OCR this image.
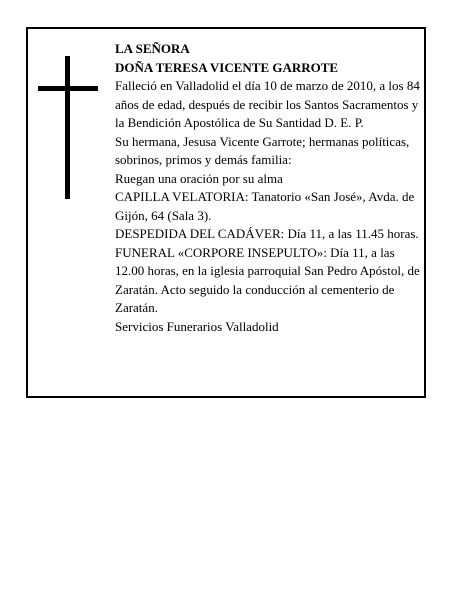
LA SEÑORA

DOÑA TERESA VICENTE GARROTE

Falleció en Valladolid el día 10 de marzo de 2010, a los 84 años de edad, después de recibir los Santos Sacramentos y la Bendición Apostólica de Su Santidad D. E. P.

Su hermana, Jesusa Vicente Garrote; hermanas políticas, sobrinos, primos y demás familia:

Ruegan una oración por su alma

CAPILLA VELATORIA: Tanatorio «San José», Avda. de Gijón, 64 (Sala 3).

DESPEDIDA DEL CADÁVER: Día 11, a las 11.45 horas.

FUNERAL «CORPORE INSEPULTO»: Día 11, a las 12.00 horas, en la iglesia parroquial San Pedro Apóstol, de Zaratán. Acto seguido la conducción al cementerio de Zaratán.

Servicios Funerarios Valladolid
